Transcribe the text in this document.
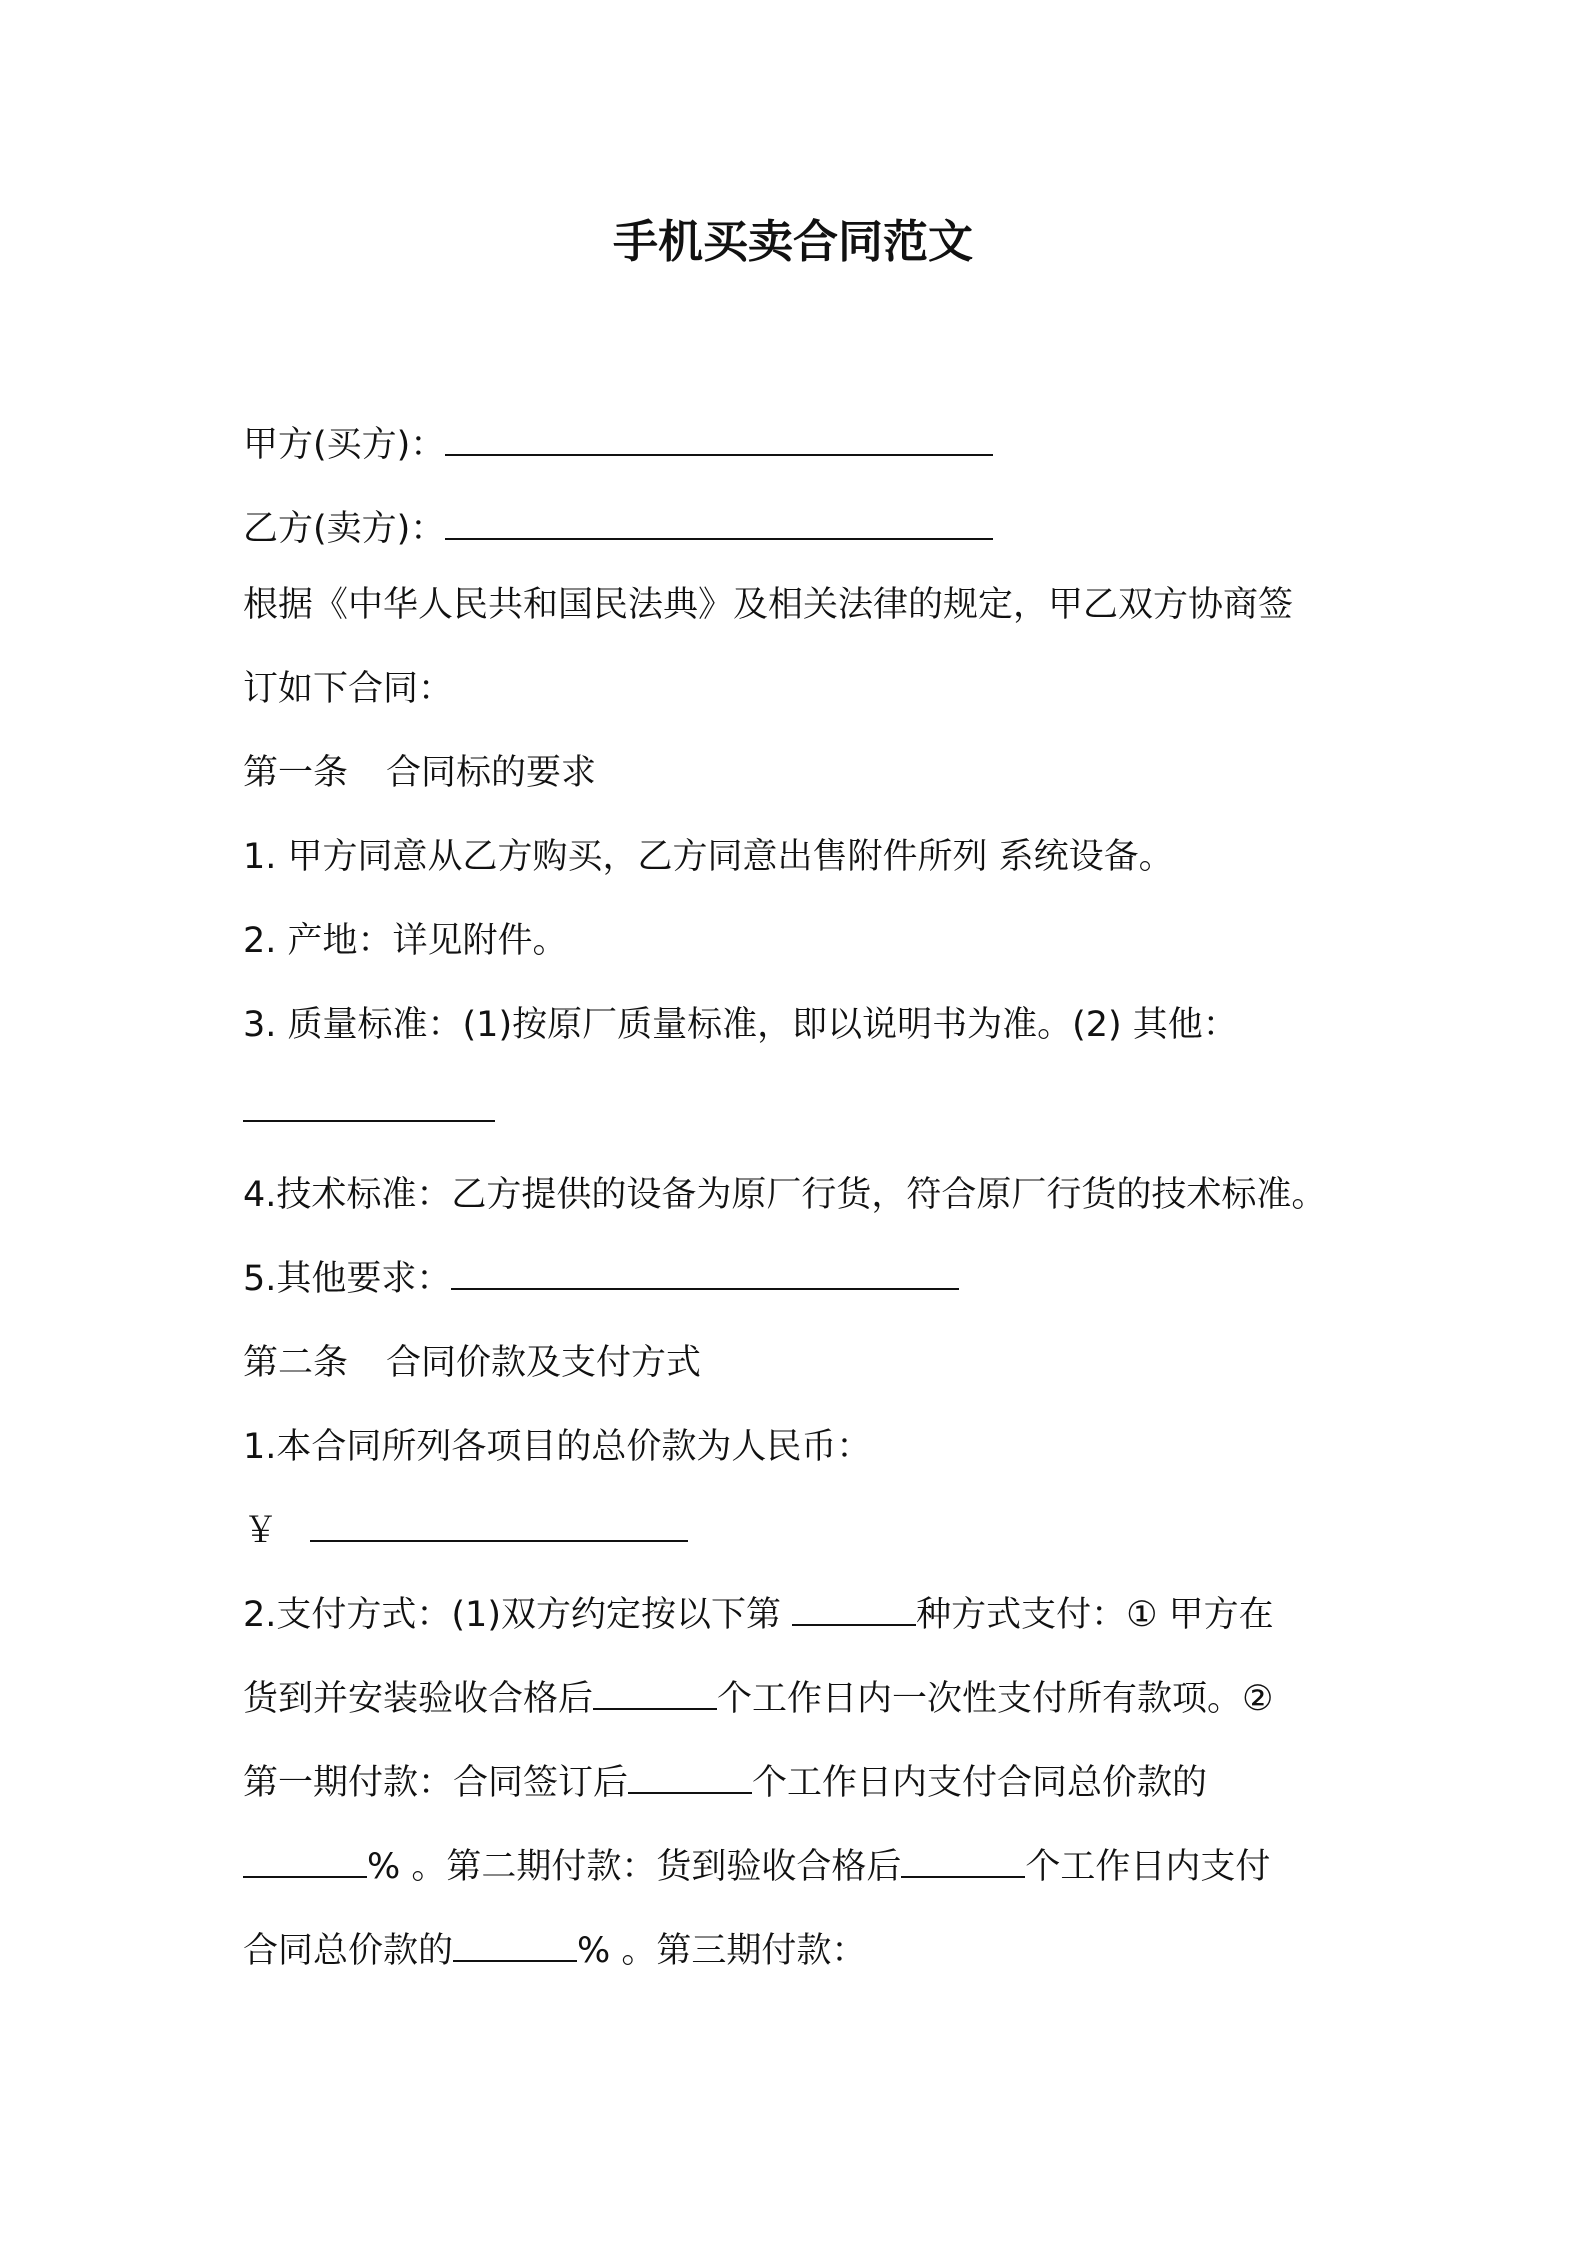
手机买卖合同范文
甲方(买方)：
乙方(卖方)：
根据《中华人民共和国民法典》及相关法律的规定，甲乙双方协商签
订如下合同：
第一条 合同标的要求
1. 甲方同意从乙方购买，乙方同意出售附件所列 系统设备。
2. 产地：详见附件。
3. 质量标准：(1)按原厂质量标准，即以说明书为准。(2) 其他：
4.技术标准：乙方提供的设备为原厂行货，符合原厂行货的技术标准。
5.其他要求：
第二条 合同价款及支付方式
1.本合同所列各项目的总价款为人民币：
￥
2.支付方式：(1)双方约定按以下第	种方式支付：① 甲方在
货到并安装验收合格后	个工作日内一次性支付所有款项。②
第一期付款：合同签订后	个工作日内支付合同总价款的
% 。第二期付款：货到验收合格后	个工作日内支付
合同总价款的	% 。第三期付款：
